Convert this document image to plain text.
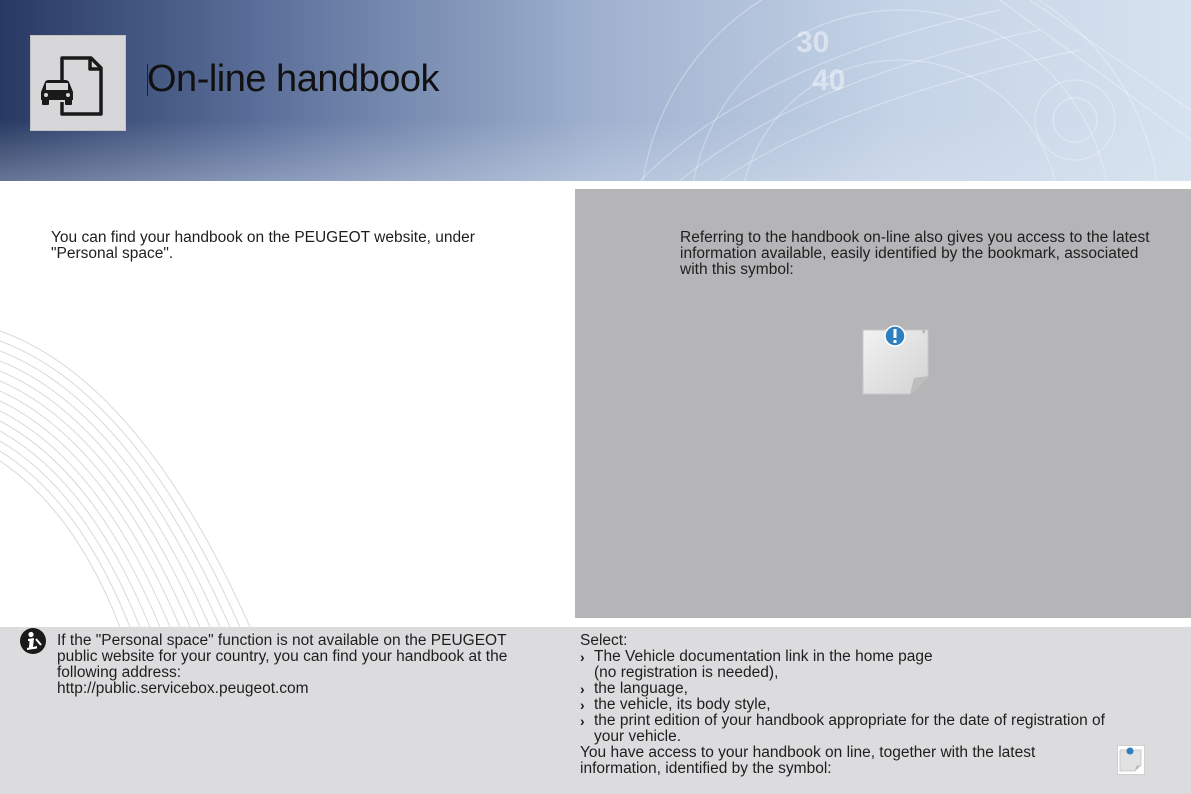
30
40
On-line handbook

You can find your handbook on the PEUGEOT website, under "Personal space".

Referring to the handbook on-line also gives you access to the latest information available, easily identified by the bookmark, associated with this symbol:

×
If the "Personal space" function is not available on the PEUGEOT
public website for your country, you can find your handbook at the
following address:
http://public.servicebox.peugeot.com
Select:
› The Vehicle documentation link in the home page
(no registration is needed),
› the language,
› the vehicle, its body style,
› the print edition of your handbook appropriate for the date of registration of
your vehicle.
You have access to your handbook on line, together with the latest
information, identified by the symbol:
